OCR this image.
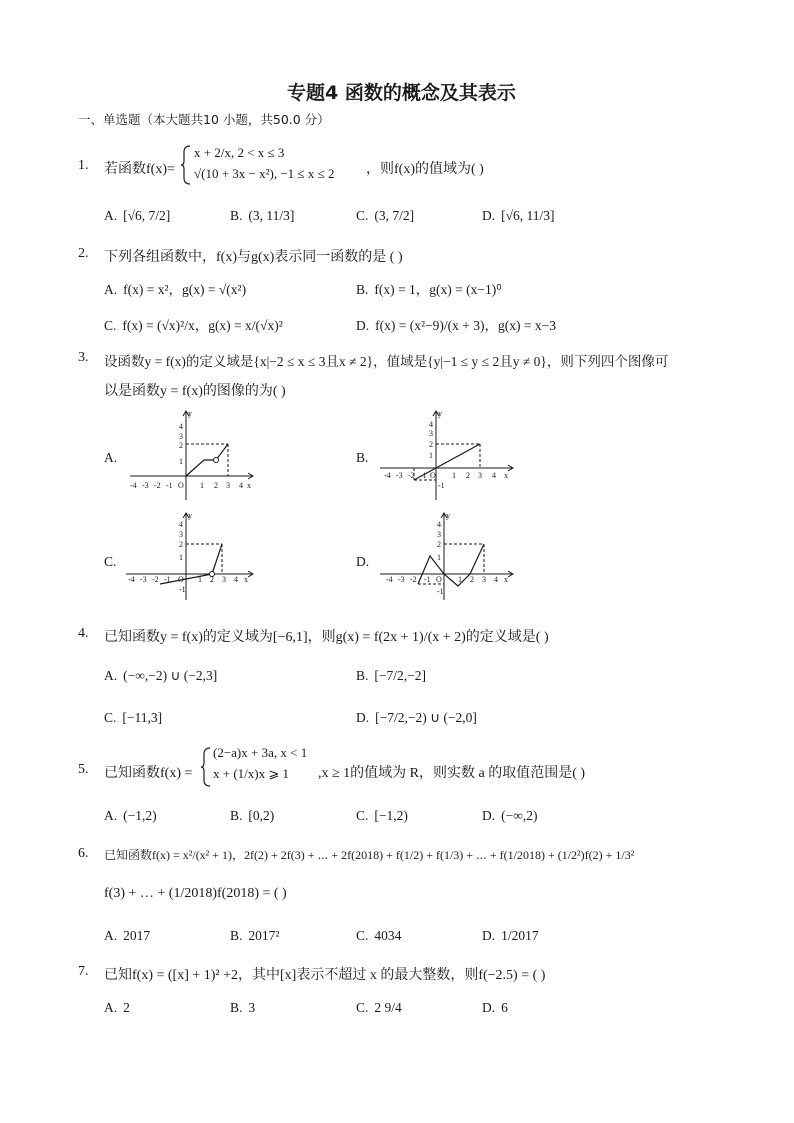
专题4 函数的概念及其表示
一、单选题（本大题共10 小题，共50.0 分）
1. 若函数f(x)=
x + 2/x, 2 < x ≤ 3
√(10 + 3x − x²), −1 ≤ x ≤ 2 ，则f(x)的值域为( )
A. [√6, 7/2]	B. (3, 11/3]	C. (3, 7/2]	D. [√6, 11/3]
2. 下列各组函数中，f(x)与g(x)表示同一函数的是 ( )
A. f(x) = x²，g(x) = √(x²)	B. f(x) = 1，g(x) = (x−1)⁰
C. f(x) = (√x)²/x，g(x) = x/(√x)²	D. f(x) = (x²−9)/(x + 3)，g(x) = x−3
3. 设函数y = f(x)的定义域是{x|−2 ≤ x ≤ 3且x ≠ 2}，值域是{y|−1 ≤ y ≤ 2且y ≠ 0}，则下列四个图像可
以是函数y = f(x)的图像的为( )
A.	B.
C.	D.
y
4
3
2
1
-4 -3 -2 -1 O 1 2 3 4 x
y
4
3
2
1
-4 -3 -2 -1 O 1 2 3 4 x
-1
y
4
3
2
1
-4 -3 -2 -1 O 1 2 3 4 x
-1
y
4
3
2
1
-4 -3 -2 -1 O 1 2 3 4 x
-1
4. 已知函数y = f(x)的定义域为[−6,1]，则g(x) = f(2x + 1)/(x + 2)的定义域是( )
A. (−∞,−2) ∪ (−2,3]	B. [−7/2,−2]
C. [−11,3]	D. [−7/2,−2) ∪ (−2,0]
5. 已知函数f(x) =
(2−a)x + 3a, x < 1
x + (1/x)x ⩾ 1 ,x ≥ 1的值域为 R，则实数 a 的取值范围是( )
A. (−1,2)	B. [0,2)	C. [−1,2)	D. (−∞,2)
6. 已知函数f(x) = x²/(x² + 1)，2f(2) + 2f(3) + ⋯ + 2f(2018) + f(1/2) + f(1/3) + ⋯ + f(1/2018) + (1/2²)f(2) + 1/3²
f(3) + … + (1/2018)f(2018) = ( )
A. 2017	B. 2017²	C. 4034	D. 1/2017
7. 已知f(x) = ([x] + 1)² +2，其中[x]表示不超过 x 的最大整数，则f(−2.5) = ( )
A. 2	B. 3	C. 2 9/4	D. 6
